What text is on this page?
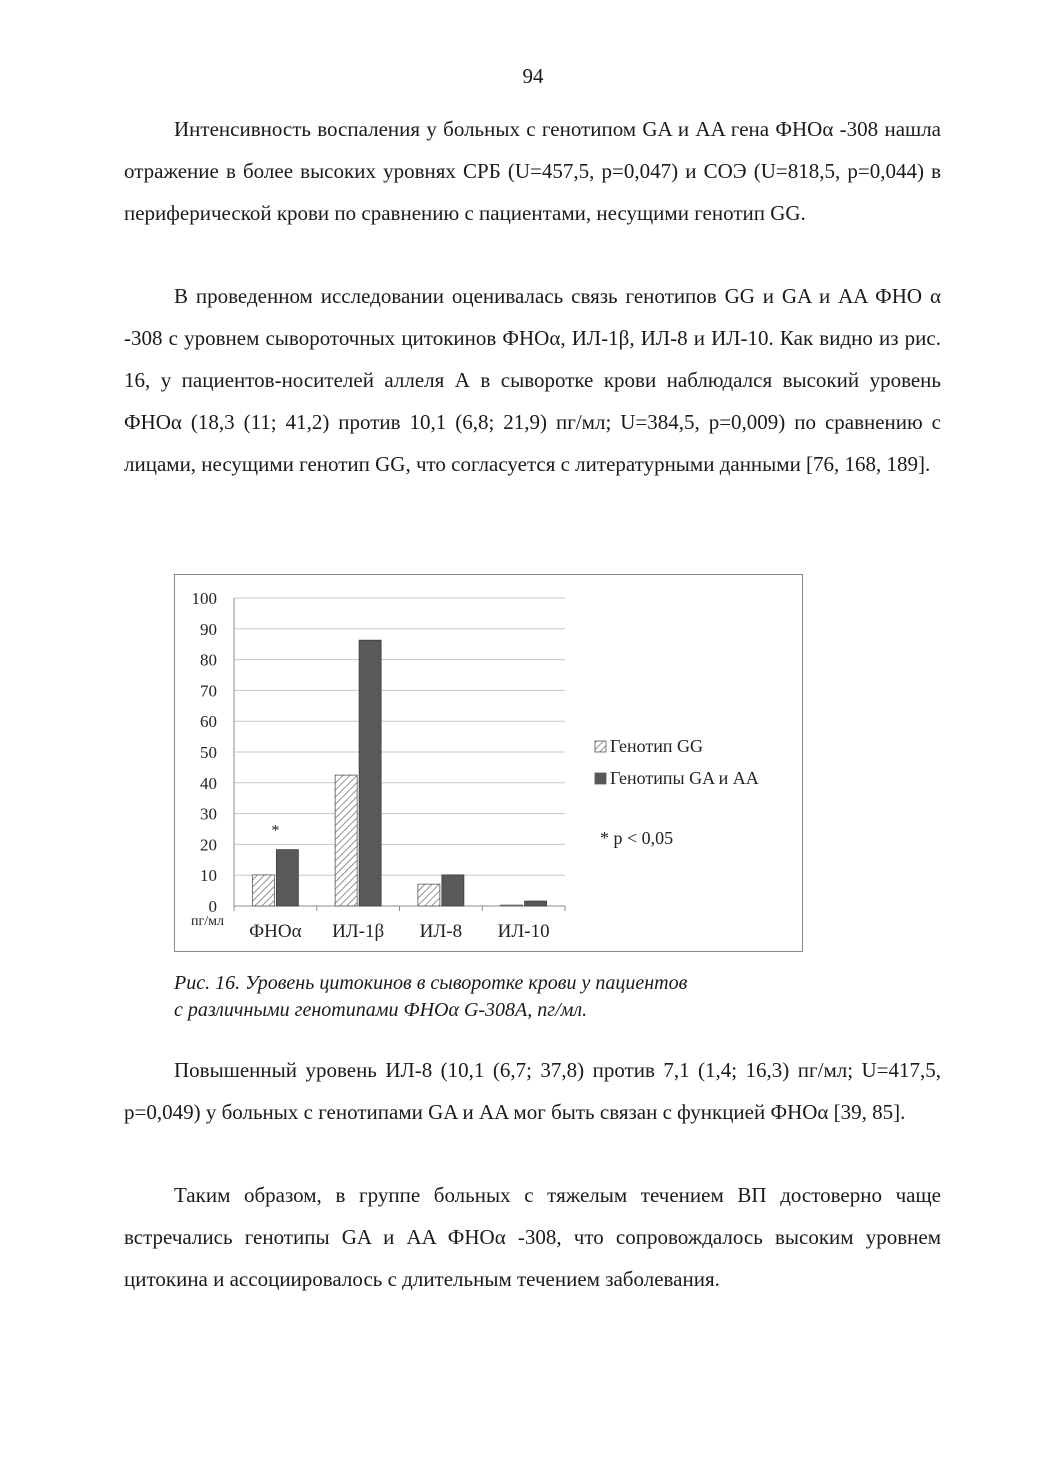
94

Интенсивность воспаления у больных с генотипом GA и AA гена ФНОα -308 нашла отражение в более высоких уровнях СРБ (U=457,5, p=0,047) и СОЭ (U=818,5, p=0,044) в периферической крови по сравнению с пациентами, несущими генотип GG.

В проведенном исследовании оценивалась связь генотипов GG и GA и AA ФНО α -308 с уровнем сывороточных цитокинов ФНОα, ИЛ-1β, ИЛ-8 и ИЛ-10. Как видно из рис. 16, у пациентов-носителей аллеля А в сыворотке крови наблюдался высокий уровень ФНОα (18,3 (11; 41,2) против 10,1 (6,8; 21,9) пг/мл; U=384,5, p=0,009) по сравнению с лицами, несущими генотип GG, что согласуется с литературными данными [76, 168, 189].

0
10
20
30
40
50
60
70
80
90
100
пг/мл ФНОα ИЛ-1β ИЛ-8 ИЛ-10
*
Генотип GG
Генотипы GA и AA
* p < 0,05
Рис. 16. Уровень цитокинов в сыворотке крови у пациентов
с различными генотипами ФНОα G-308A, пг/мл.

Повышенный уровень ИЛ-8 (10,1 (6,7; 37,8) против 7,1 (1,4; 16,3) пг/мл; U=417,5, p=0,049) у больных с генотипами GA и AA мог быть связан с функцией ФНОα [39, 85].

Таким образом, в группе больных с тяжелым течением ВП достоверно чаще встречались генотипы GA и AA ФНОα -308, что сопровождалось высоким уровнем цитокина и ассоциировалось с длительным течением заболевания.
